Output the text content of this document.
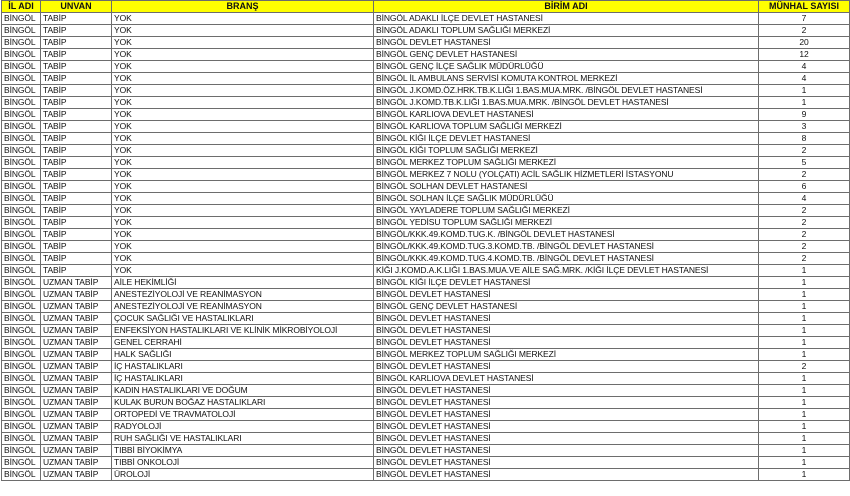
İL ADI	UNVAN	BRANŞ	BİRİM ADI	MÜNHAL SAYISI
BİNGÖL	TABİP	YOK	BİNGÖL ADAKLI İLÇE DEVLET HASTANESİ	7
BİNGÖL	TABİP	YOK	BİNGÖL ADAKLI TOPLUM SAĞLIĞI MERKEZİ	2
BİNGÖL	TABİP	YOK	BİNGÖL DEVLET HASTANESİ	20
BİNGÖL	TABİP	YOK	BİNGÖL GENÇ DEVLET HASTANESİ	12
BİNGÖL	TABİP	YOK	BİNGÖL GENÇ İLÇE SAĞLIK MÜDÜRLÜĞÜ	4
BİNGÖL	TABİP	YOK	BİNGÖL İL AMBULANS SERVİSİ KOMUTA KONTROL MERKEZİ	4
BİNGÖL	TABİP	YOK	BİNGÖL J.KOMD.ÖZ.HRK.TB.K.LIĞI 1.BAS.MUA.MRK. /BİNGÖL DEVLET HASTANESİ	1
BİNGÖL	TABİP	YOK	BİNGÖL J.KOMD.TB.K.LIĞI 1.BAS.MUA.MRK. /BİNGÖL DEVLET HASTANESİ	1
BİNGÖL	TABİP	YOK	BİNGÖL KARLIOVA DEVLET HASTANESİ	9
BİNGÖL	TABİP	YOK	BİNGÖL KARLIOVA TOPLUM SAĞLIĞI MERKEZİ	3
BİNGÖL	TABİP	YOK	BİNGÖL KİĞI İLÇE DEVLET HASTANESİ	8
BİNGÖL	TABİP	YOK	BİNGÖL KİĞI TOPLUM SAĞLIĞI MERKEZİ	2
BİNGÖL	TABİP	YOK	BİNGÖL MERKEZ TOPLUM SAĞLIĞI MERKEZİ	5
BİNGÖL	TABİP	YOK	BİNGÖL MERKEZ 7 NOLU (YOLÇATI) ACİL SAĞLIK HİZMETLERİ İSTASYONU	2
BİNGÖL	TABİP	YOK	BİNGÖL SOLHAN DEVLET HASTANESİ	6
BİNGÖL	TABİP	YOK	BİNGÖL SOLHAN İLÇE SAĞLIK MÜDÜRLÜĞÜ	4
BİNGÖL	TABİP	YOK	BİNGÖL YAYLADERE TOPLUM SAĞLIĞI MERKEZİ	2
BİNGÖL	TABİP	YOK	BİNGÖL YEDİSU TOPLUM SAĞLIĞI MERKEZİ	2
BİNGÖL	TABİP	YOK	BİNGÖL/KKK.49.KOMD.TUG.K. /BİNGÖL DEVLET HASTANESİ	2
BİNGÖL	TABİP	YOK	BİNGÖL/KKK.49.KOMD.TUG.3.KOMD.TB. /BİNGÖL DEVLET HASTANESİ	2
BİNGÖL	TABİP	YOK	BİNGÖL/KKK.49.KOMD.TUG.4.KOMD.TB. /BİNGÖL DEVLET HASTANESİ	2
BİNGÖL	TABİP	YOK	KİĞI J.KOMD.A.K.LIĞI 1.BAS.MUA.VE AİLE SAĞ.MRK. /KİĞI İLÇE DEVLET HASTANESİ	1
BİNGÖL	UZMAN TABİP	AİLE HEKİMLİĞİ	BİNGÖL KİĞI İLÇE DEVLET HASTANESİ	1
BİNGÖL	UZMAN TABİP	ANESTEZİYOLOJİ VE REANİMASYON	BİNGÖL DEVLET HASTANESİ	1
BİNGÖL	UZMAN TABİP	ANESTEZİYOLOJİ VE REANİMASYON	BİNGÖL GENÇ DEVLET HASTANESİ	1
BİNGÖL	UZMAN TABİP	ÇOCUK SAĞLIĞI VE HASTALIKLARI	BİNGÖL DEVLET HASTANESİ	1
BİNGÖL	UZMAN TABİP	ENFEKSİYON HASTALIKLARI VE KLİNİK MİKROBİYOLOJİ	BİNGÖL DEVLET HASTANESİ	1
BİNGÖL	UZMAN TABİP	GENEL CERRAHİ	BİNGÖL DEVLET HASTANESİ	1
BİNGÖL	UZMAN TABİP	HALK SAĞLIĞI	BİNGÖL MERKEZ TOPLUM SAĞLIĞI MERKEZİ	1
BİNGÖL	UZMAN TABİP	İÇ HASTALIKLARI	BİNGÖL DEVLET HASTANESİ	2
BİNGÖL	UZMAN TABİP	İÇ HASTALIKLARI	BİNGÖL KARLIOVA DEVLET HASTANESİ	1
BİNGÖL	UZMAN TABİP	KADIN HASTALIKLARI VE DOĞUM	BİNGÖL DEVLET HASTANESİ	1
BİNGÖL	UZMAN TABİP	KULAK BURUN BOĞAZ HASTALIKLARI	BİNGÖL DEVLET HASTANESİ	1
BİNGÖL	UZMAN TABİP	ORTOPEDİ VE TRAVMATOLOJİ	BİNGÖL DEVLET HASTANESİ	1
BİNGÖL	UZMAN TABİP	RADYOLOJİ	BİNGÖL DEVLET HASTANESİ	1
BİNGÖL	UZMAN TABİP	RUH SAĞLIĞI VE HASTALIKLARI	BİNGÖL DEVLET HASTANESİ	1
BİNGÖL	UZMAN TABİP	TIBBİ BİYOKİMYA	BİNGÖL DEVLET HASTANESİ	1
BİNGÖL	UZMAN TABİP	TIBBİ ONKOLOJİ	BİNGÖL DEVLET HASTANESİ	1
BİNGÖL	UZMAN TABİP	ÜROLOJİ	BİNGÖL DEVLET HASTANESİ	1
